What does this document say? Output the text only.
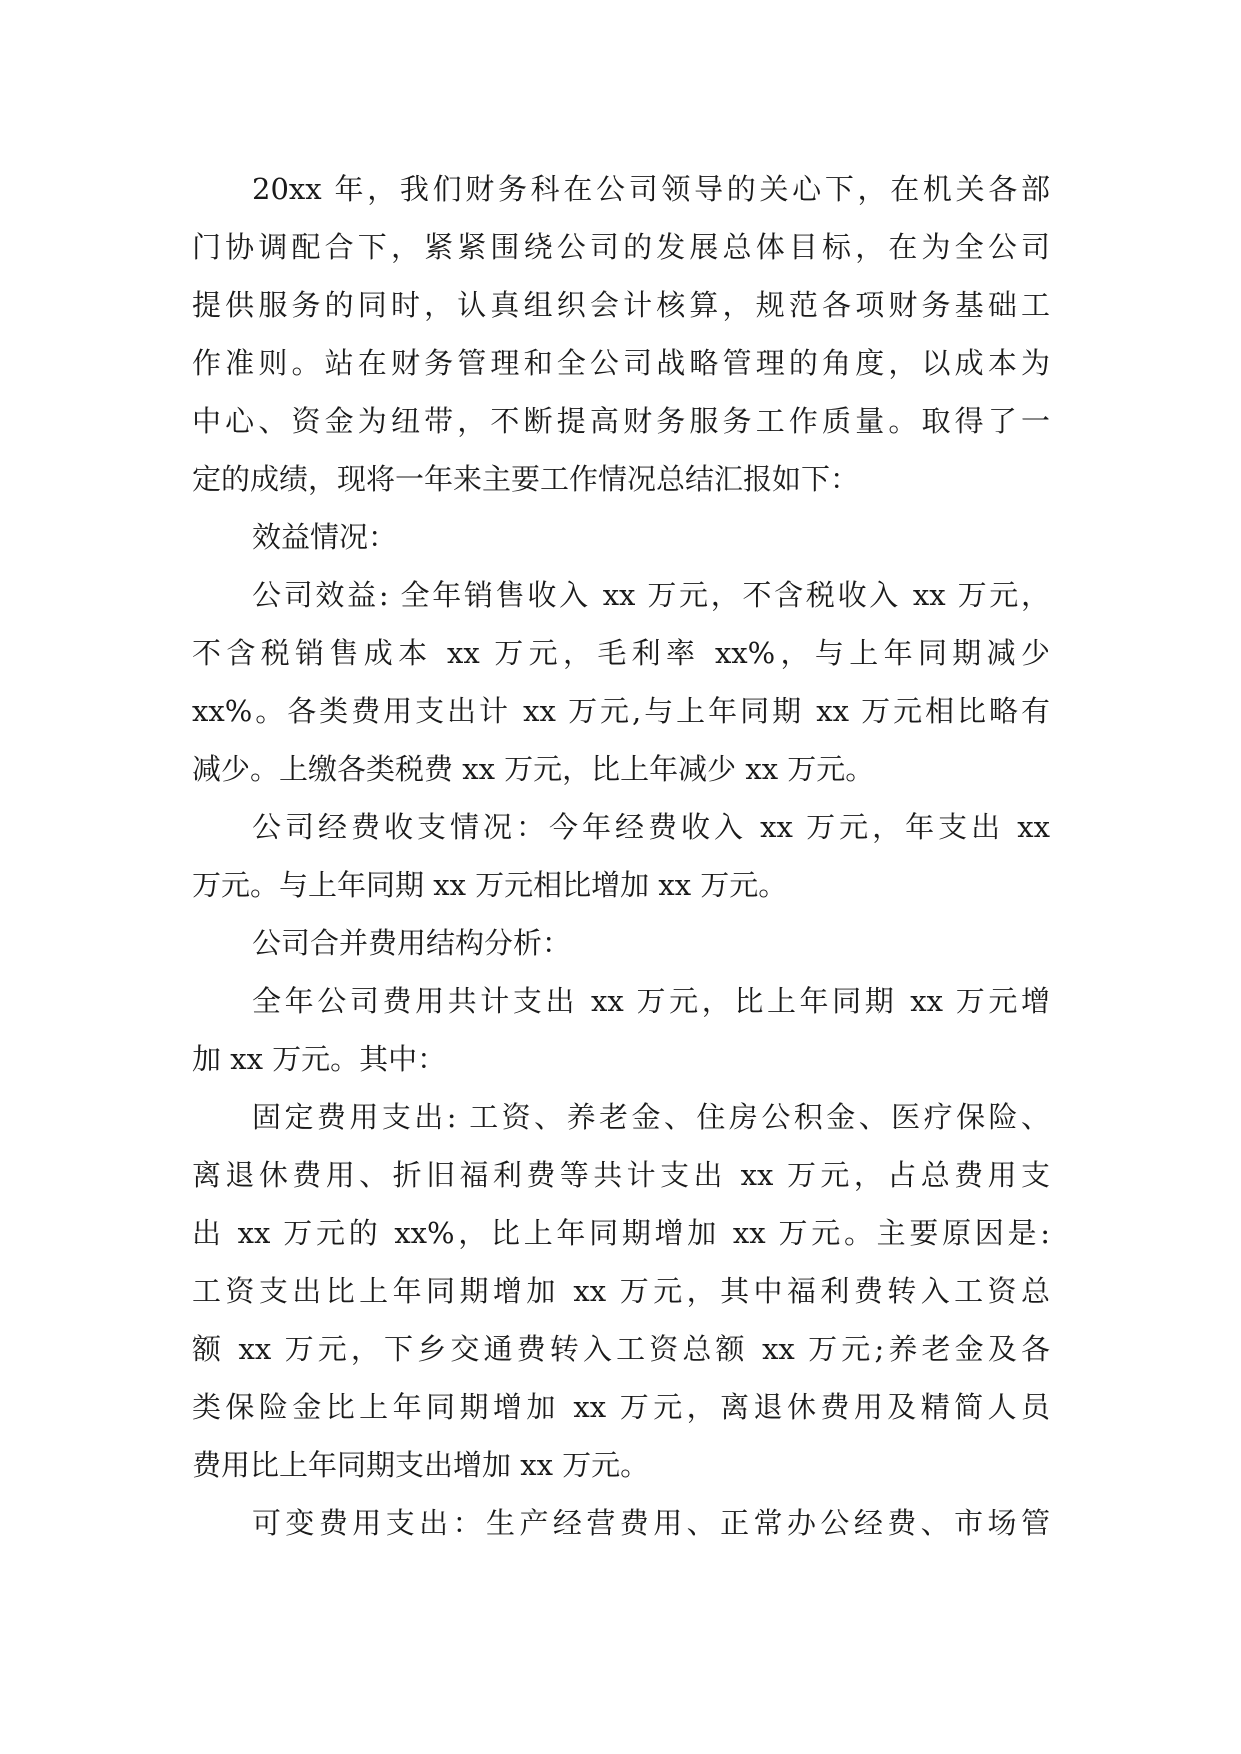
20xx 年，我们财务科在公司领导的关心下，在机关各部
门协调配合下，紧紧围绕公司的发展总体目标，在为全公司
提供服务的同时，认真组织会计核算，规范各项财务基础工
作准则。站在财务管理和全公司战略管理的角度，以成本为
中心、资金为纽带，不断提高财务服务工作质量。取得了一
定的成绩，现将一年来主要工作情况总结汇报如下：

效益情况：

公司效益: 全年销售收入 xx 万元，不含税收入 xx 万元，
不含税销售成本 xx 万元，毛利率 xx%，与上年同期减少
xx%。各类费用支出计 xx 万元,与上年同期 xx 万元相比略有
减少。上缴各类税费 xx 万元，比上年减少 xx 万元。

公司经费收支情况：今年经费收入 xx 万元，年支出 xx
万元。与上年同期 xx 万元相比增加 xx 万元。

公司合并费用结构分析：

全年公司费用共计支出 xx 万元，比上年同期 xx 万元增
加 xx 万元。其中：

固定费用支出: 工资、养老金、住房公积金、医疗保险、
离退休费用、折旧福利费等共计支出 xx 万元，占总费用支
出 xx 万元的 xx%，比上年同期增加 xx 万元。主要原因是:
工资支出比上年同期增加 xx 万元，其中福利费转入工资总
额 xx 万元，下乡交通费转入工资总额 xx 万元;养老金及各
类保险金比上年同期增加 xx 万元，离退休费用及精简人员
费用比上年同期支出增加 xx 万元。

可变费用支出：生产经营费用、正常办公经费、市场管
